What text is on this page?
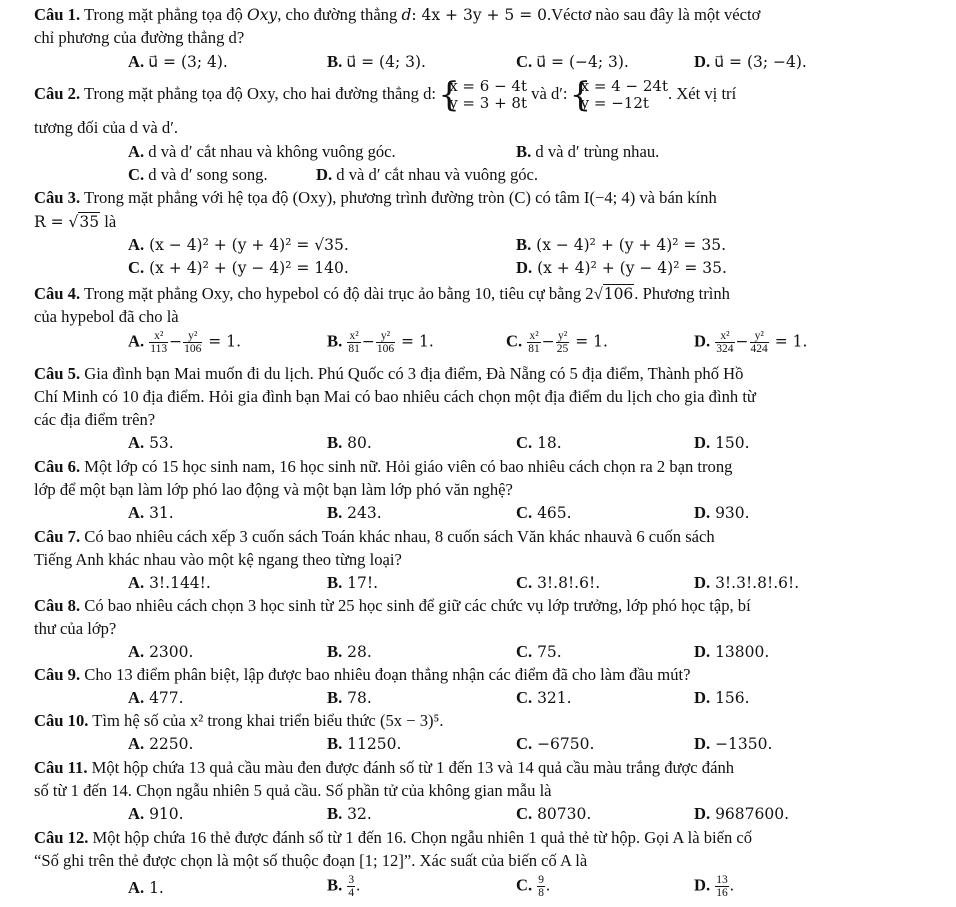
Câu 1. Trong mặt phẳng tọa độ Oxy, cho đường thẳng d: 4x + 3y + 5 = 0.Véctơ nào sau đây là một véctơ
chỉ phương của đường thẳng d?
A. u⃗ = (3; 4).	B. u⃗ = (4; 3).	C. u⃗ = (−4; 3).	D. u⃗ = (3; −4).
Câu 2. Trong mặt phẳng tọa độ Oxy, cho hai đường thẳng d: { x = 6 − 4t
y = 3 + 8t
và d′: { x = 4 − 24t
y = −12t
. Xét vị trí
tương đối của d và d′.
A. d và d′ cắt nhau và không vuông góc.	B. d và d′ trùng nhau.
C. d và d′ song song.	D. d và d′ cắt nhau và vuông góc.
Câu 3. Trong mặt phẳng với hệ tọa độ (Oxy), phương trình đường tròn (C) có tâm I(−4; 4) và bán kính
R = √35 là
A. (x − 4)² + (y + 4)² = √35.	B. (x − 4)² + (y + 4)² = 35.
C. (x + 4)² + (y − 4)² = 140.	D. (x + 4)² + (y − 4)² = 35.
Câu 4. Trong mặt phẳng Oxy, cho hypebol có độ dài trục ảo bằng 10, tiêu cự bằng 2√106. Phương trình
của hypebol đã cho là
A. $\frac{\text{x²}}{113} - \frac{\text{y²}}{106} = 1$.	B. $\frac{\text{x²}}{81} - \frac{\text{y²}}{106} = 1$.	C. $\frac{\text{x²}}{81} - \frac{\text{y²}}{25} = 1$.	D. $\frac{\text{x²}}{324} - \frac{\text{y²}}{424} = 1$.
Câu 5. Gia đình bạn Mai muốn đi du lịch. Phú Quốc có 3 địa điểm, Đà Nẵng có 5 địa điểm, Thành phố Hồ
Chí Minh có 10 địa điểm. Hỏi gia đình bạn Mai có bao nhiêu cách chọn một địa điểm du lịch cho gia đình từ
các địa điểm trên?
A. 53.	B. 80.	C. 18.	D. 150.
Câu 6. Một lớp có 15 học sinh nam, 16 học sinh nữ. Hỏi giáo viên có bao nhiêu cách chọn ra 2 bạn trong
lớp để một bạn làm lớp phó lao động và một bạn làm lớp phó văn nghệ?
A. 31.	B. 243.	C. 465.	D. 930.
Câu 7. Có bao nhiêu cách xếp 3 cuốn sách Toán khác nhau, 8 cuốn sách Văn khác nhauvà 6 cuốn sách
Tiếng Anh khác nhau vào một kệ ngang theo từng loại?
A. 3!.144!.	B. 17!.	C. 3!.8!.6!.	D. 3!.3!.8!.6!.
Câu 8. Có bao nhiêu cách chọn 3 học sinh từ 25 học sinh để giữ các chức vụ lớp trưởng, lớp phó học tập, bí
thư của lớp?
A. 2300.	B. 28.	C. 75.	D. 13800.
Câu 9. Cho 13 điểm phân biệt, lập được bao nhiêu đoạn thẳng nhận các điểm đã cho làm đầu mút?
A. 477.	B. 78.	C. 321.	D. 156.
Câu 10. Tìm hệ số của x² trong khai triển biểu thức (5x − 3)⁵.
A. 2250.	B. 11250.	C. −6750.	D. −1350.
Câu 11. Một hộp chứa 13 quả cầu màu đen được đánh số từ 1 đến 13 và 14 quả cầu màu trắng được đánh
số từ 1 đến 14. Chọn ngẫu nhiên 5 quả cầu. Số phần tử của không gian mẫu là
A. 910.	B. 32.	C. 80730.	D. 9687600.
Câu 12. Một hộp chứa 16 thẻ được đánh số từ 1 đến 16. Chọn ngẫu nhiên 1 quả thẻ từ hộp. Gọi A là biến cố
“Số ghi trên thẻ được chọn là một số thuộc đoạn [1; 12]”. Xác suất của biến cố A là
A. 1.	B. $\frac{3}{4}$ .	C. $\frac{9}{8}$ .	D. $\frac{13}{16}$ .
